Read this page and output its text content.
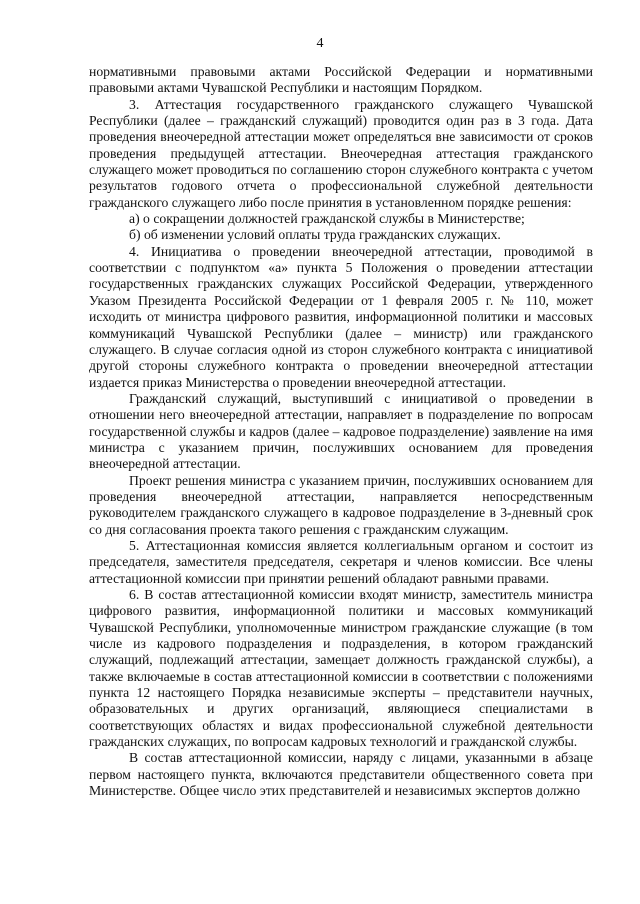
4

нормативными правовыми актами Российской Федерации и нормативными правовыми актами Чувашской Республики и настоящим Порядком.

3. Аттестация государственного гражданского служащего Чувашской Республики (далее – гражданский служащий) проводится один раз в 3 года. Дата проведения внеочередной аттестации может определяться вне зависимости от сроков проведения предыдущей аттестации. Внеочередная аттестация гражданского служащего может проводиться по соглашению сторон служебного контракта с учетом результатов годового отчета о профессиональной служебной деятельности гражданского служащего либо после принятия в установленном порядке решения:

а) о сокращении должностей гражданской службы в Министерстве;

б) об изменении условий оплаты труда гражданских служащих.

4. Инициатива о проведении внеочередной аттестации, проводимой в соответствии с подпунктом «а» пункта 5 Положения о проведении аттестации государственных гражданских служащих Российской Федерации, утвержденного Указом Президента Российской Федерации от 1 февраля 2005 г. № 110, может исходить от министра цифрового развития, информационной политики и массовых коммуникаций Чувашской Республики (далее – министр) или гражданского служащего. В случае согласия одной из сторон служебного контракта с инициативой другой стороны служебного контракта о проведении внеочередной аттестации издается приказ Министерства о проведении внеочередной аттестации.

Гражданский служащий, выступивший с инициативой о проведении в отношении него внеочередной аттестации, направляет в подразделение по вопросам государственной службы и кадров (далее – кадровое подразделение) заявление на имя министра с указанием причин, послуживших основанием для проведения внеочередной аттестации.

Проект решения министра с указанием причин, послуживших основанием для проведения внеочередной аттестации, направляется непосредственным руководителем гражданского служащего в кадровое подразделение в 3-дневный срок со дня согласования проекта такого решения с гражданским служащим.

5. Аттестационная комиссия является коллегиальным органом и состоит из председателя, заместителя председателя, секретаря и членов комиссии. Все члены аттестационной комиссии при принятии решений обладают равными правами.

6. В состав аттестационной комиссии входят министр, заместитель министра цифрового развития, информационной политики и массовых коммуникаций Чувашской Республики, уполномоченные министром гражданские служащие (в том числе из кадрового подразделения и подразделения, в котором гражданский служащий, подлежащий аттестации, замещает должность гражданской службы), а также включаемые в состав аттестационной комиссии в соответствии с положениями пункта 12 настоящего Порядка независимые эксперты – представители научных, образовательных и других организаций, являющиеся специалистами в соответствующих областях и видах профессиональной служебной деятельности гражданских служащих, по вопросам кадровых технологий и гражданской службы.

В состав аттестационной комиссии, наряду с лицами, указанными в абзаце первом настоящего пункта, включаются представители общественного совета при Министерстве. Общее число этих представителей и независимых экспертов должно
